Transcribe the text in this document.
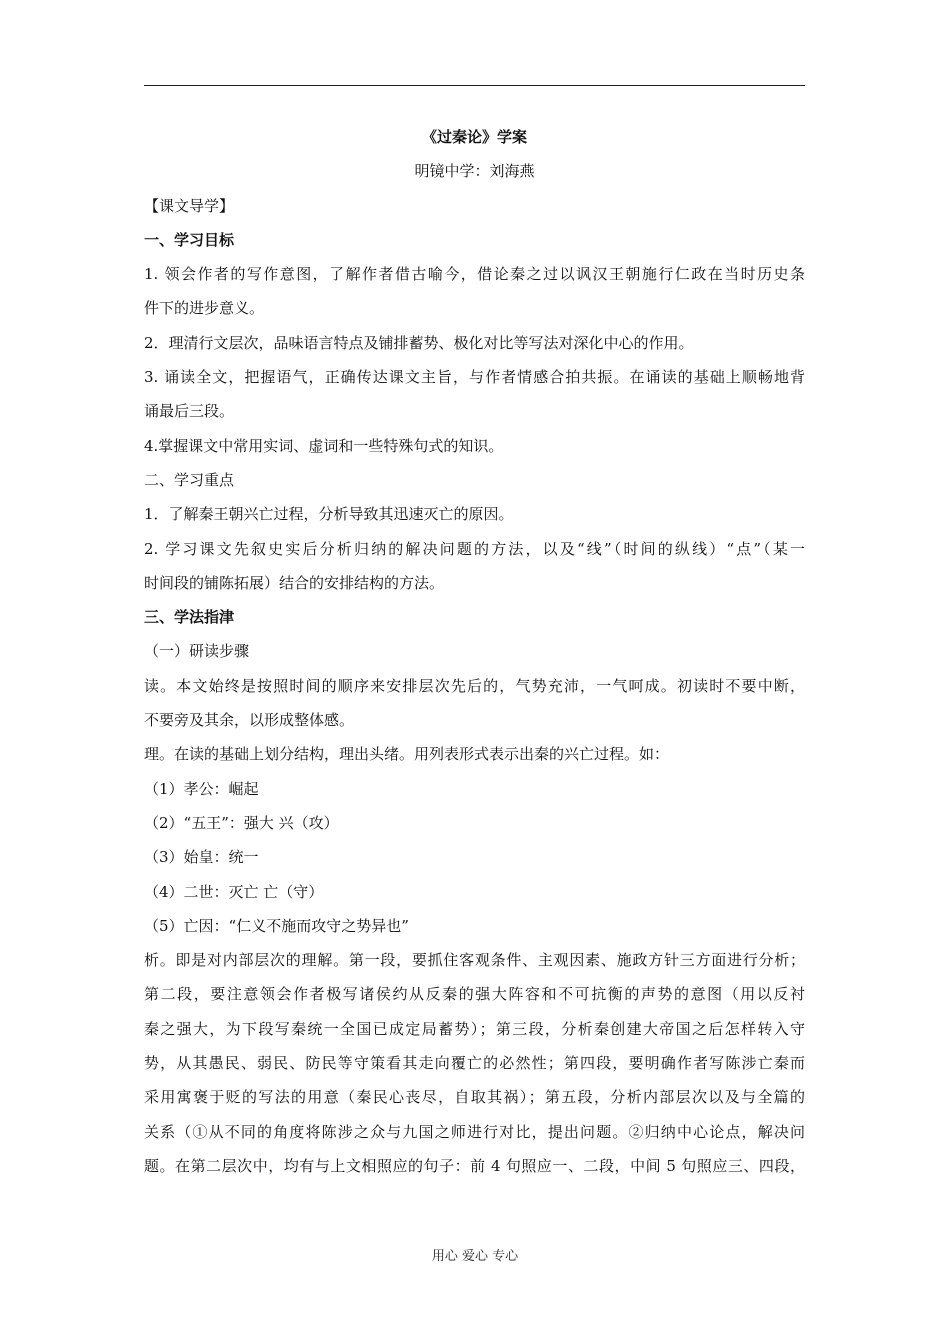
《过秦论》学案
明镜中学：刘海燕
【课文导学】
一、学习目标
1. 领会作者的写作意图，了解作者借古喻今，借论秦之过以讽汉王朝施行仁政在当时历史条
件下的进步意义。
2．理清行文层次，品味语言特点及铺排蓄势、极化对比等写法对深化中心的作用。
3. 诵读全文，把握语气，正确传达课文主旨，与作者情感合拍共振。在诵读的基础上顺畅地背
诵最后三段。
4.掌握课文中常用实词、虚词和一些特殊句式的知识。
二、学习重点
1．了解秦王朝兴亡过程，分析导致其迅速灭亡的原因。
2. 学习课文先叙史实后分析归纳的解决问题的方法，以及“线”（时间的纵线）“点”（某一
时间段的铺陈拓展）结合的安排结构的方法。
三、学法指津
（一）研读步骤
读。本文始终是按照时间的顺序来安排层次先后的，气势充沛，一气呵成。初读时不要中断，
不要旁及其余，以形成整体感。
理。在读的基础上划分结构，理出头绪。用列表形式表示出秦的兴亡过程。如：
（1）孝公：崛起
（2）“五王”：强大 兴（攻）
（3）始皇：统一
（4）二世：灭亡 亡（守）
（5）亡因：“仁义不施而攻守之势异也”
析。即是对内部层次的理解。第一段，要抓住客观条件、主观因素、施政方针三方面进行分析；
第二段，要注意领会作者极写诸侯约从反秦的强大阵容和不可抗衡的声势的意图（用以反衬
秦之强大，为下段写秦统一全国已成定局蓄势）；第三段，分析秦创建大帝国之后怎样转入守
势，从其愚民、弱民、防民等守策看其走向覆亡的必然性；第四段，要明确作者写陈涉亡秦而
采用寓褒于贬的写法的用意（秦民心丧尽，自取其祸）；第五段，分析内部层次以及与全篇的
关系（①从不同的角度将陈涉之众与九国之师进行对比，提出问题。②归纳中心论点，解决问
题。在第二层次中，均有与上文相照应的句子：前 4 句照应一、二段，中间 5 句照应三、四段，
用心 爱心 专心
